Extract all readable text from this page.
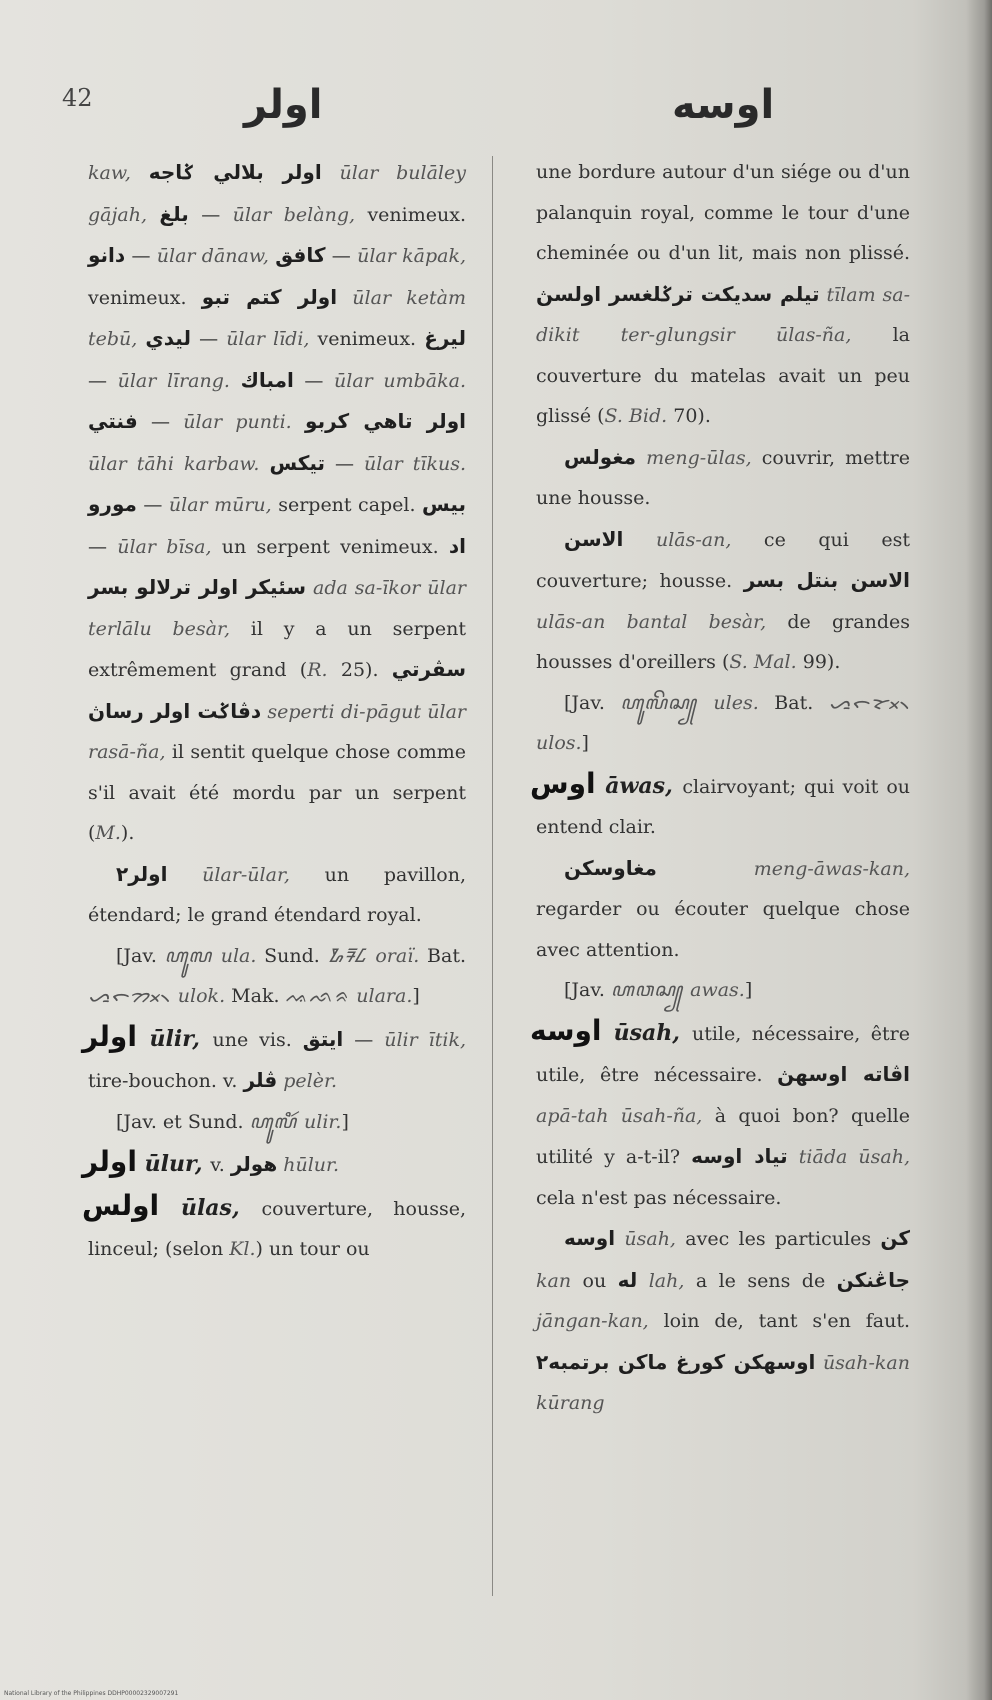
42	اولر	اوسه

kaw, اولر بلالي ݢاجه ūlar bulāley gājah, بلغ — ūlar belàng, venimeux. دانو — ūlar dānaw, كافق — ūlar kāpak, venimeux. اولر كتم تبو ūlar ketàm tebū, ليدي — ūlar līdi, venimeux. ليرغ — ūlar līrang. امباك — ūlar umbāka. فنتي — ūlar punti. اولر تاهي كربو ūlar tāhi karbaw. تيكس — ūlar tīkus. مورو — ūlar mūru, serpent capel. بيس — ūlar bīsa, un serpent venimeux. اد سئيكر اولر ترلالو بسر ada sa-īkor ūlar terlālu besàr, il y a un serpent extrêmement grand (R. 25). سڤرتي دڤاݢت اولر رساڽ seperti di-pāgut ūlar rasā-ña, il sentit quelque chose comme s'il avait été mordu par un serpent (M.).

اولر٢ ūlar-ūlar, un pavillon, étendard; le grand étendard royal.

[Jav. ꦲꦸꦭ ula. Sund. ᮇᮛᮄ oraï. Bat. ᯁᯞᯬᯂ᯲ ulok. Mak. ᨕᨒᨑ ulara.]

اولر ūlir, une vis. ايتق — ūlir ītik, tire-bouchon. v. ڤلر pelèr.

[Jav. et Sund. ꦲꦸꦭꦶꦂ ulir.]

اولر ūlur, v. هولر hūlur.

اولس ūlas, couverture, housse, linceul; (selon Kl.) un tour ou

une bordure autour d'un siége ou d'un palanquin royal, comme le tour d'une cheminée ou d'un lit, mais non plissé. تيلم سديكت ترݢلغسر اولسڽ tīlam sa-dikit ter-glungsir ūlas-ña, la couverture du matelas avait un peu glissé (S. Bid. 70).

مغولس meng-ūlas, couvrir, mettre une housse.

الاسن ulās-an, ce qui est couverture; housse. الاسن بنتل بسر ulās-an bantal besàr, de grandes housses d'oreillers (S. Mal. 99).

[Jav. ꦲꦸꦭꦼꦱ꧀ ules. Bat. ᯁᯞᯬᯘ᯲ ulos.]

اوس āwas, clairvoyant; qui voit ou entend clair.

مغاوسكن meng-āwas-kan, regarder ou écouter quelque chose avec attention.

[Jav. ꦲꦮꦱ꧀ awas.]

اوسه ūsah, utile, nécessaire, être utile, être nécessaire. اڤاته اوسهڽ apā-tah ūsah-ña, à quoi bon? quelle utilité y a-t-il? تياد اوسه tiāda ūsah, cela n'est pas nécessaire.

اوسه ūsah, avec les particules كن kan ou له lah, a le sens de جاڠنكن jāngan-kan, loin de, tant s'en faut. اوسهكن كورغ ماكن برتمبه٢ ūsah-kan kūrang

National Library of the Philippines DDHP00002329007291
